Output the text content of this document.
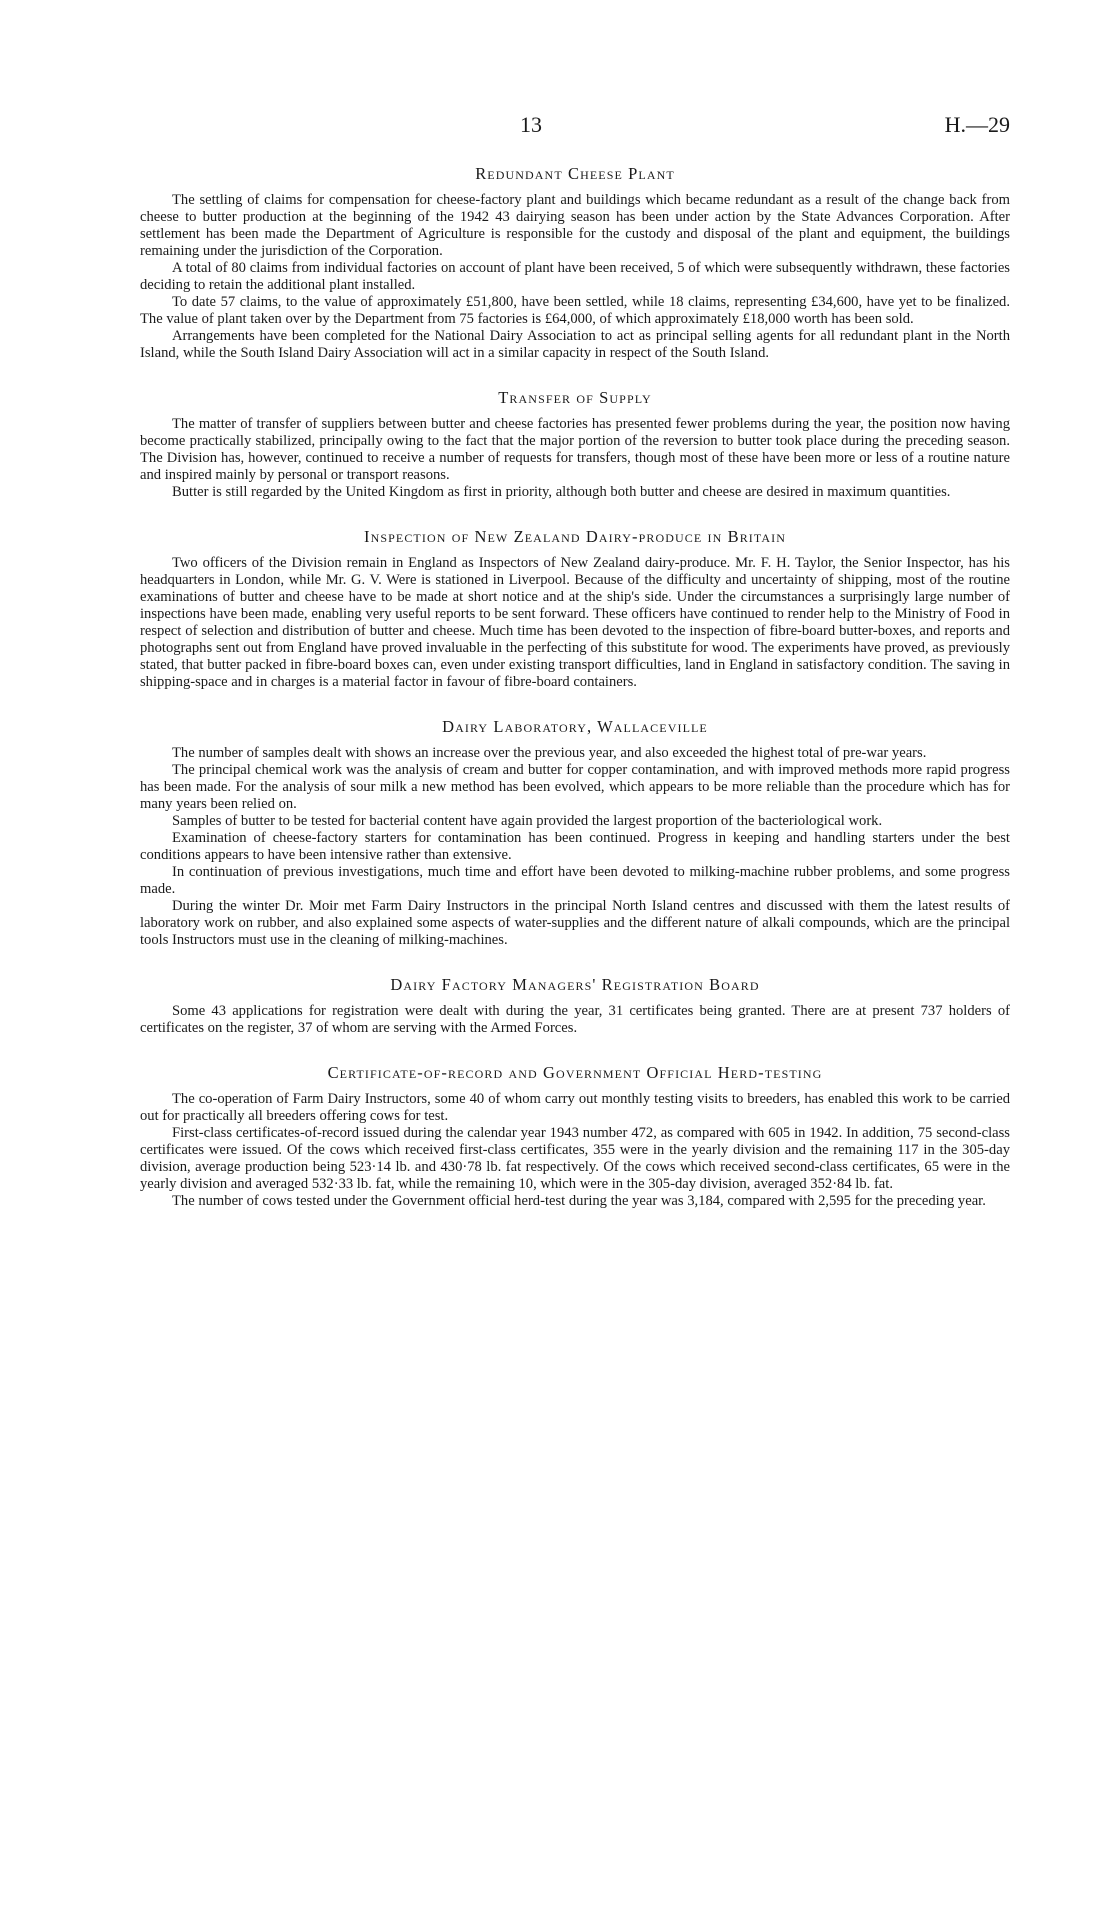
13	H.—29
Redundant Cheese Plant

The settling of claims for compensation for cheese-factory plant and buildings which became redundant as a result of the change back from cheese to butter production at the beginning of the 1942 43 dairying season has been under action by the State Advances Corporation. After settlement has been made the Department of Agriculture is responsible for the custody and disposal of the plant and equipment, the buildings remaining under the jurisdiction of the Corporation.

A total of 80 claims from individual factories on account of plant have been received, 5 of which were subsequently withdrawn, these factories deciding to retain the additional plant installed.

To date 57 claims, to the value of approximately £51,800, have been settled, while 18 claims, representing £34,600, have yet to be finalized. The value of plant taken over by the Department from 75 factories is £64,000, of which approximately £18,000 worth has been sold.

Arrangements have been completed for the National Dairy Association to act as principal selling agents for all redundant plant in the North Island, while the South Island Dairy Association will act in a similar capacity in respect of the South Island.

Transfer of Supply

The matter of transfer of suppliers between butter and cheese factories has presented fewer problems during the year, the position now having become practically stabilized, principally owing to the fact that the major portion of the reversion to butter took place during the preceding season. The Division has, however, continued to receive a number of requests for transfers, though most of these have been more or less of a routine nature and inspired mainly by personal or transport reasons.

Butter is still regarded by the United Kingdom as first in priority, although both butter and cheese are desired in maximum quantities.

Inspection of New Zealand Dairy-produce in Britain

Two officers of the Division remain in England as Inspectors of New Zealand dairy-produce. Mr. F. H. Taylor, the Senior Inspector, has his headquarters in London, while Mr. G. V. Were is stationed in Liverpool. Because of the difficulty and uncertainty of shipping, most of the routine examinations of butter and cheese have to be made at short notice and at the ship's side. Under the circumstances a surprisingly large number of inspections have been made, enabling very useful reports to be sent forward. These officers have continued to render help to the Ministry of Food in respect of selection and distribution of butter and cheese. Much time has been devoted to the inspection of fibre-board butter-boxes, and reports and photographs sent out from England have proved invaluable in the perfecting of this substitute for wood. The experiments have proved, as previously stated, that butter packed in fibre-board boxes can, even under existing transport difficulties, land in England in satisfactory condition. The saving in shipping-space and in charges is a material factor in favour of fibre-board containers.

Dairy Laboratory, Wallaceville

The number of samples dealt with shows an increase over the previous year, and also exceeded the highest total of pre-war years.

The principal chemical work was the analysis of cream and butter for copper contamination, and with improved methods more rapid progress has been made. For the analysis of sour milk a new method has been evolved, which appears to be more reliable than the procedure which has for many years been relied on.

Samples of butter to be tested for bacterial content have again provided the largest proportion of the bacteriological work.

Examination of cheese-factory starters for contamination has been continued. Progress in keeping and handling starters under the best conditions appears to have been intensive rather than extensive.

In continuation of previous investigations, much time and effort have been devoted to milking-machine rubber problems, and some progress made.

During the winter Dr. Moir met Farm Dairy Instructors in the principal North Island centres and discussed with them the latest results of laboratory work on rubber, and also explained some aspects of water-supplies and the different nature of alkali compounds, which are the principal tools Instructors must use in the cleaning of milking-machines.

Dairy Factory Managers' Registration Board

Some 43 applications for registration were dealt with during the year, 31 certificates being granted. There are at present 737 holders of certificates on the register, 37 of whom are serving with the Armed Forces.

Certificate-of-record and Government Official Herd-testing

The co-operation of Farm Dairy Instructors, some 40 of whom carry out monthly testing visits to breeders, has enabled this work to be carried out for practically all breeders offering cows for test.

First-class certificates-of-record issued during the calendar year 1943 number 472, as compared with 605 in 1942. In addition, 75 second-class certificates were issued. Of the cows which received first-class certificates, 355 were in the yearly division and the remaining 117 in the 305-day division, average production being 523·14 lb. and 430·78 lb. fat respectively. Of the cows which received second-class certificates, 65 were in the yearly division and averaged 532·33 lb. fat, while the remaining 10, which were in the 305-day division, averaged 352·84 lb. fat.

The number of cows tested under the Government official herd-test during the year was 3,184, compared with 2,595 for the preceding year.
